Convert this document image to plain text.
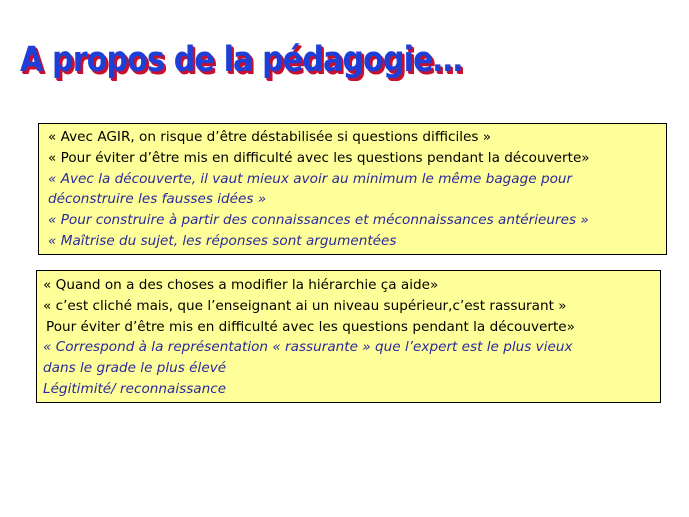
A propos de la pédagogie…
« Avec AGIR, on risque d’être déstabilisée si questions difficiles »
« Pour éviter d’être mis en difficulté avec les questions pendant la découverte»
« Avec la découverte, il vaut mieux avoir au minimum le même bagage pour
déconstruire les fausses idées »
« Pour construire à partir des connaissances et méconnaissances antérieures »
« Maîtrise du sujet, les réponses sont argumentées
« Quand on a des choses a modifier la hiérarchie ça aide»
« c’est cliché mais, que l’enseignant ai un niveau supérieur,c’est rassurant »
Pour éviter d’être mis en difficulté avec les questions pendant la découverte»
« Correspond à la représentation « rassurante » que l’expert est le plus vieux
dans le grade le plus élevé
Légitimité/ reconnaissance
